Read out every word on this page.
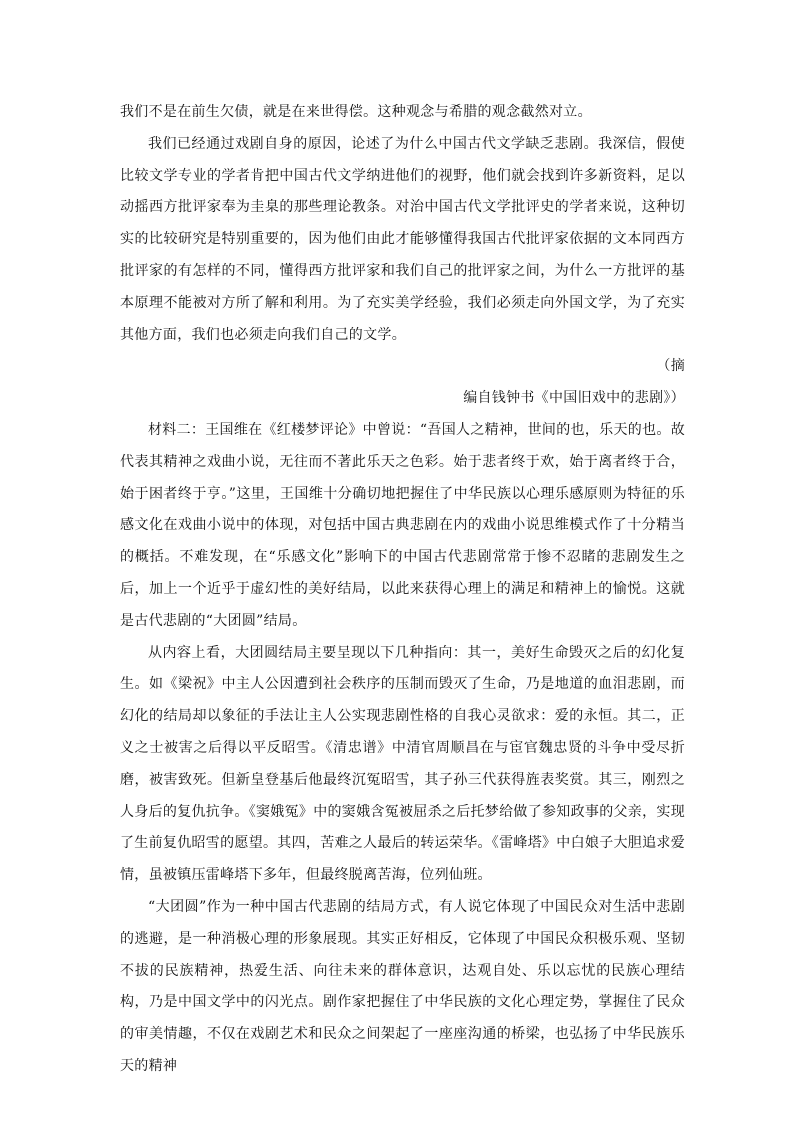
我们不是在前生欠债，就是在来世得偿。这种观念与希腊的观念截然对立。

我们已经通过戏剧自身的原因，论述了为什么中国古代文学缺乏悲剧。我深信，假使比较文学专业的学者肯把中国古代文学纳进他们的视野，他们就会找到许多新资料，足以动摇西方批评家奉为圭臬的那些理论教条。对治中国古代文学批评史的学者来说，这种切实的比较研究是特别重要的，因为他们由此才能够懂得我国古代批评家依据的文本同西方批评家的有怎样的不同，懂得西方批评家和我们自己的批评家之间，为什么一方批评的基本原理不能被对方所了解和利用。为了充实美学经验，我们必须走向外国文学，为了充实其他方面，我们也必须走向我们自己的文学。

（摘

编自钱钟书《中国旧戏中的悲剧》）

材料二：王国维在《红楼梦评论》中曾说：“吾国人之精神，世间的也，乐天的也。故代表其精神之戏曲小说，无往而不著此乐天之色彩。始于悲者终于欢，始于离者终于合，始于困者终于亨。”这里，王国维十分确切地把握住了中华民族以心理乐感原则为特征的乐感文化在戏曲小说中的体现，对包括中国古典悲剧在内的戏曲小说思维模式作了十分精当的概括。不难发现，在“乐感文化”影响下的中国古代悲剧常常于惨不忍睹的悲剧发生之后，加上一个近乎于虚幻性的美好结局，以此来获得心理上的满足和精神上的愉悦。这就是古代悲剧的“大团圆”结局。

从内容上看，大团圆结局主要呈现以下几种指向：其一，美好生命毁灭之后的幻化复生。如《梁祝》中主人公因遭到社会秩序的压制而毁灭了生命，乃是地道的血泪悲剧，而幻化的结局却以象征的手法让主人公实现悲剧性格的自我心灵欲求：爱的永恒。其二，正义之士被害之后得以平反昭雪。《清忠谱》中清官周顺昌在与宦官魏忠贤的斗争中受尽折磨，被害致死。但新皇登基后他最终沉冤昭雪，其子孙三代获得旌表奖赏。其三，刚烈之人身后的复仇抗争。《窦娥冤》中的窦娥含冤被屈杀之后托梦给做了参知政事的父亲，实现了生前复仇昭雪的愿望。其四，苦难之人最后的转运荣华。《雷峰塔》中白娘子大胆追求爱情，虽被镇压雷峰塔下多年，但最终脱离苦海，位列仙班。

“大团圆”作为一种中国古代悲剧的结局方式，有人说它体现了中国民众对生活中悲剧的逃避，是一种消极心理的形象展现。其实正好相反，它体现了中国民众积极乐观、坚韧不拔的民族精神，热爱生活、向往未来的群体意识，达观自处、乐以忘忧的民族心理结构，乃是中国文学中的闪光点。剧作家把握住了中华民族的文化心理定势，掌握住了民众的审美情趣，不仅在戏剧艺术和民众之间架起了一座座沟通的桥梁，也弘扬了中华民族乐天的精神
